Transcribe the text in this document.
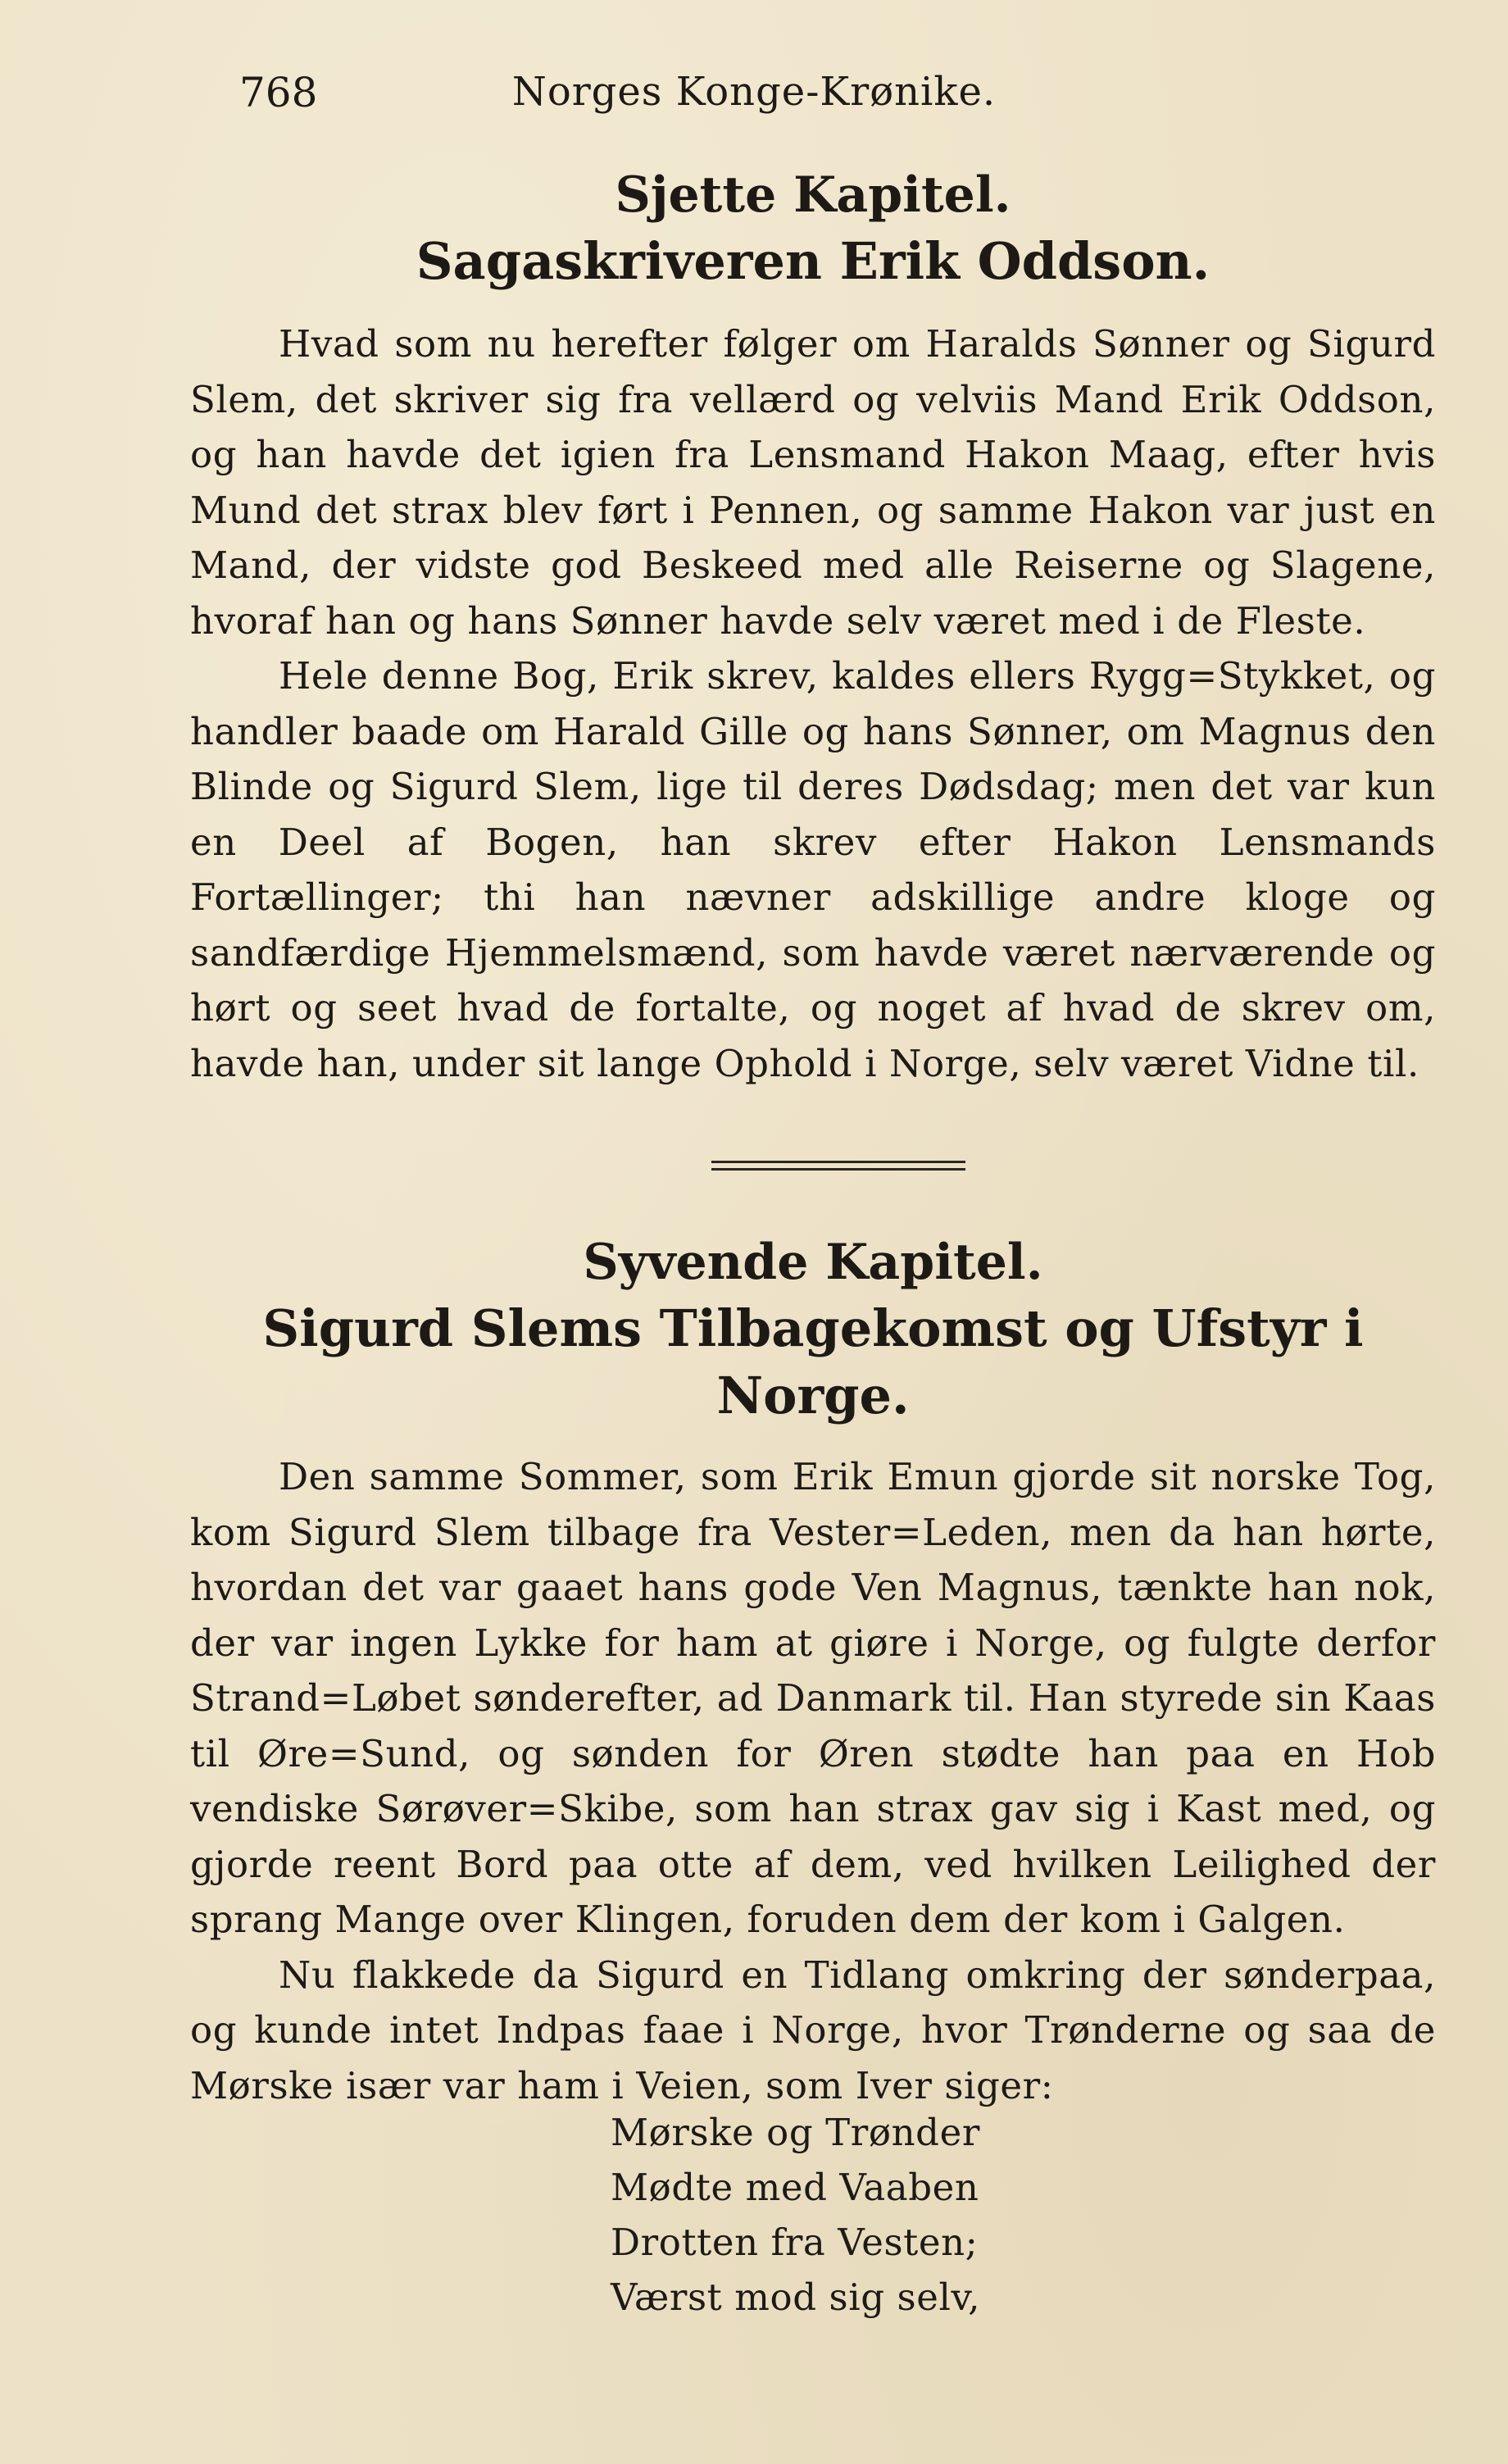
768	Norges Konge-Krønike.
Sjette Kapitel.
Sagaskriveren Erik Oddson.

Hvad som nu herefter følger om Haralds Sønner og Sigurd Slem, det skriver sig fra vellærd og velviis Mand Erik Oddson, og han havde det igien fra Lensmand Hakon Maag, efter hvis Mund det strax blev ført i Pennen, og samme Hakon var just en Mand, der vidste god Beskeed med alle Reiserne og Slagene, hvoraf han og hans Sønner havde selv været med i de Fleste.

Hele denne Bog, Erik skrev, kaldes ellers Rygg=Stykket, og handler baade om Harald Gille og hans Sønner, om Magnus den Blinde og Sigurd Slem, lige til deres Dødsdag; men det var kun en Deel af Bogen, han skrev efter Hakon Lensmands Fortællinger; thi han nævner adskillige andre kloge og sandfærdige Hjemmelsmænd, som havde været nærværende og hørt og seet hvad de fortalte, og noget af hvad de skrev om, havde han, under sit lange Ophold i Norge, selv været Vidne til.

Syvende Kapitel.
Sigurd Slems Tilbagekomst og Ufstyr i Norge.

Den samme Sommer, som Erik Emun gjorde sit norske Tog, kom Sigurd Slem tilbage fra Vester=Leden, men da han hørte, hvordan det var gaaet hans gode Ven Magnus, tænkte han nok, der var ingen Lykke for ham at giøre i Norge, og fulgte derfor Strand=Løbet sønderefter, ad Danmark til. Han styrede sin Kaas til Øre=Sund, og sønden for Øren stødte han paa en Hob vendiske Sørøver=Skibe, som han strax gav sig i Kast med, og gjorde reent Bord paa otte af dem, ved hvilken Leilighed der sprang Mange over Klingen, foruden dem der kom i Galgen.

Nu flakkede da Sigurd en Tidlang omkring der sønderpaa, og kunde intet Indpas faae i Norge, hvor Trønderne og saa de Mørske især var ham i Veien, som Iver siger:

Mørske og Trønder
Mødte med Vaaben
Drotten fra Vesten;
Værst mod sig selv,
